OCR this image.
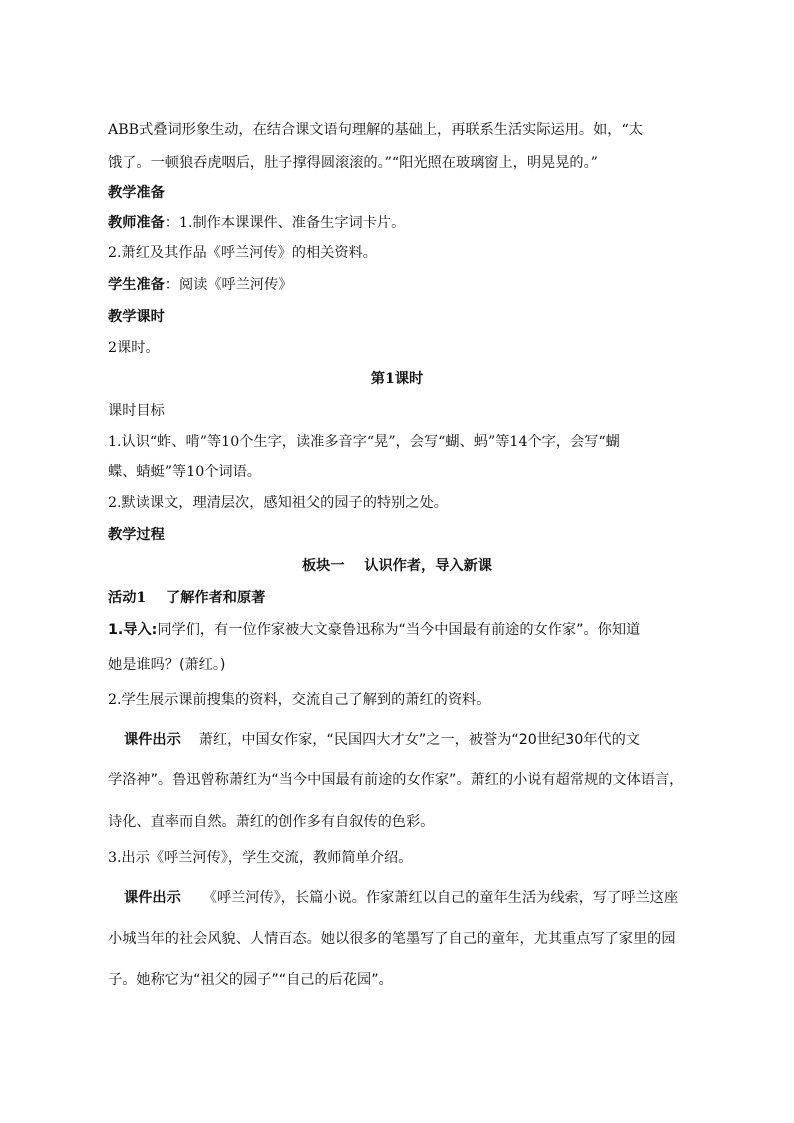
ABB式叠词形象生动，在结合课文语句理解的基础上，再联系生活实际运用。如，“太
饿了。一顿狼吞虎咽后，肚子撑得圆滚滚的。”“阳光照在玻璃窗上，明晃晃的。”
教学准备
教师准备：1.制作本课课件、准备生字词卡片。
2.萧红及其作品《呼兰河传》的相关资料。
学生准备：阅读《呼兰河传》
教学课时
2课时。
第1课时
课时目标
1.认识“蚱、啃”等10个生字，读准多音字“晃”，会写“蝴、蚂”等14个字，会写“蝴
蝶、蜻蜓”等10个词语。
2.默读课文，理清层次，感知祖父的园子的特别之处。
教学过程
板块一    认识作者，导入新课
活动1    了解作者和原著
1.导入:同学们，有一位作家被大文豪鲁迅称为“当今中国最有前途的女作家”。你知道
她是谁吗？(萧红。)
2.学生展示课前搜集的资料，交流自己了解到的萧红的资料。
课件出示 萧红，中国女作家，“民国四大才女”之一，被誉为“20世纪30年代的文
学洛神”。鲁迅曾称萧红为“当今中国最有前途的女作家”。萧红的小说有超常规的文体语言，
诗化、直率而自然。萧红的创作多有自叙传的色彩。
3.出示《呼兰河传》，学生交流，教师简单介绍。
课件出示 《呼兰河传》，长篇小说。作家萧红以自己的童年生活为线索，写了呼兰这座
小城当年的社会风貌、人情百态。她以很多的笔墨写了自己的童年，尤其重点写了家里的园
子。她称它为“祖父的园子”“自己的后花园”。
